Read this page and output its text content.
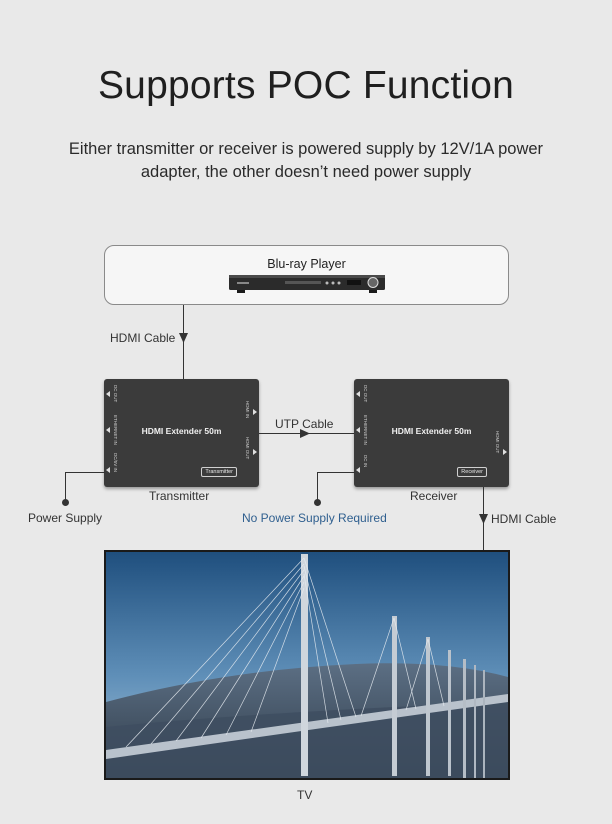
Supports POC Function
Either transmitter or receiver is powered supply by 12V/1A power adapter, the other doesn’t need power supply
Blu-ray Player
HDMI Cable
HDMI Extender 50m
Transmitter
DC OUT
ETHERNET IN
DC/5V IN
HDMI IN
HDMI OUT
Transmitter
UTP Cable	HDMI Extender 50m
Receiver
DC OUT
ETHERNET IN
DC IN
HDMI OUT
Receiver
Power Supply	No Power Supply Required	HDMI Cable
TV
